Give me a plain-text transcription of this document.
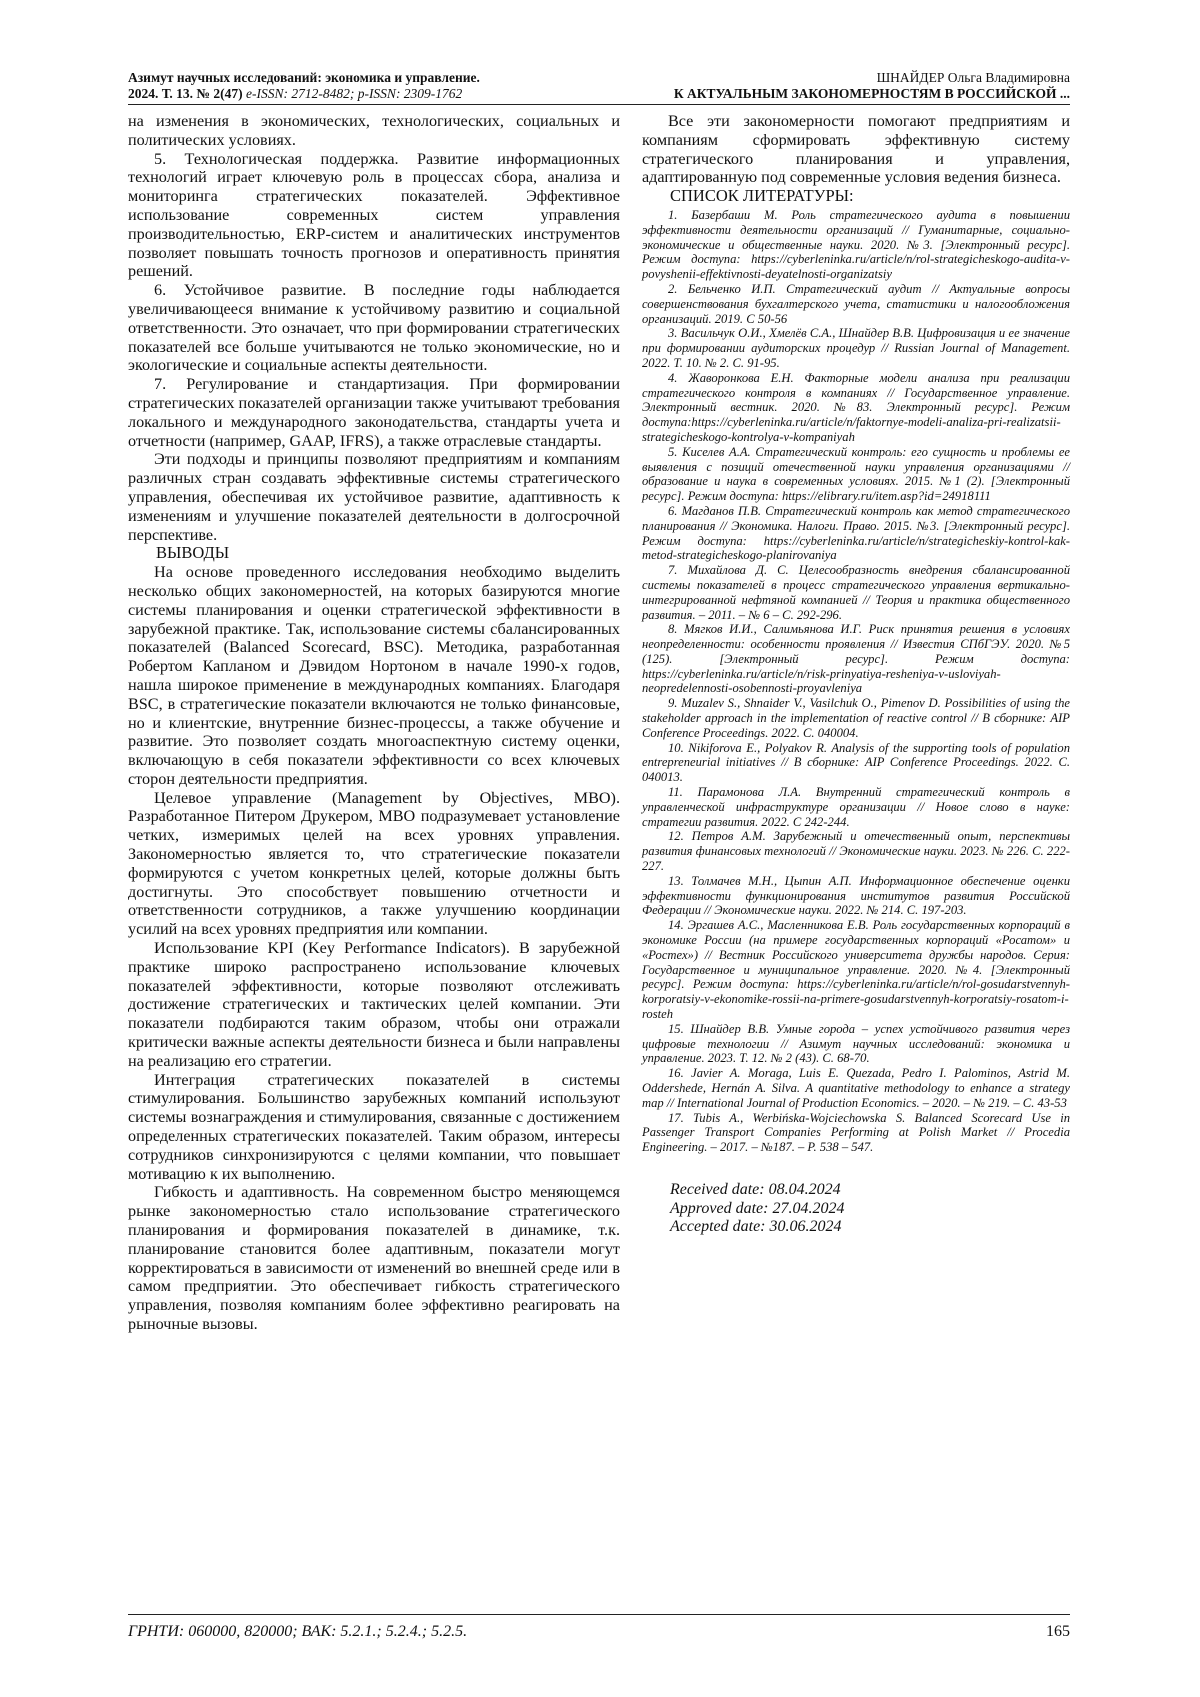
Азимут научных исследований: экономика и управление.
2024. Т. 13. № 2(47) e-ISSN: 2712-8482; p-ISSN: 2309-1762
ШНАЙДЕР Ольга Владимировна
К АКТУАЛЬНЫМ ЗАКОНОМЕРНОСТЯМ В РОССИЙСКОЙ ...

на изменения в экономических, технологических, социальных и политических условиях.

5. Технологическая поддержка. Развитие информационных технологий играет ключевую роль в процессах сбора, анализа и мониторинга стратегических показателей. Эффективное использование современных систем управления производительностью, ERP-систем и аналитических инструментов позволяет повышать точность прогнозов и оперативность принятия решений.

6. Устойчивое развитие. В последние годы наблюдается увеличивающееся внимание к устойчивому развитию и социальной ответственности. Это означает, что при формировании стратегических показателей все больше учитываются не только экономические, но и экологические и социальные аспекты деятельности.

7. Регулирование и стандартизация. При формировании стратегических показателей организации также учитывают требования локального и международного законодательства, стандарты учета и отчетности (например, GAAP, IFRS), а также отраслевые стандарты.

Эти подходы и принципы позволяют предприятиям и компаниям различных стран создавать эффективные системы стратегического управления, обеспечивая их устойчивое развитие, адаптивность к изменениям и улучшение показателей деятельности в долгосрочной перспективе.

ВЫВОДЫ

На основе проведенного исследования необходимо выделить несколько общих закономерностей, на которых базируются многие системы планирования и оценки стратегической эффективности в зарубежной практике. Так, использование системы сбалансированных показателей (Balanced Scorecard, BSC). Методика, разработанная Робертом Капланом и Дэвидом Нортоном в начале 1990-х годов, нашла широкое применение в международных компаниях. Благодаря BSC, в стратегические показатели включаются не только финансовые, но и клиентские, внутренние бизнес-процессы, а также обучение и развитие. Это позволяет создать многоаспектную систему оценки, включающую в себя показатели эффективности со всех ключевых сторон деятельности предприятия.

Целевое управление (Management by Objectives, MBO). Разработанное Питером Друкером, MBO подразумевает установление четких, измеримых целей на всех уровнях управления. Закономерностью является то, что стратегические показатели формируются с учетом конкретных целей, которые должны быть достигнуты. Это способствует повышению отчетности и ответственности сотрудников, а также улучшению координации усилий на всех уровнях предприятия или компании.

Использование KPI (Key Performance Indicators). В зарубежной практике широко распространено использование ключевых показателей эффективности, которые позволяют отслеживать достижение стратегических и тактических целей компании. Эти показатели подбираются таким образом, чтобы они отражали критически важные аспекты деятельности бизнеса и были направлены на реализацию его стратегии.

Интеграция стратегических показателей в системы стимулирования. Большинство зарубежных компаний используют системы вознаграждения и стимулирования, связанные с достижением определенных стратегических показателей. Таким образом, интересы сотрудников синхронизируются с целями компании, что повышает мотивацию к их выполнению.

Гибкость и адаптивность. На современном быстро меняющемся рынке закономерностью стало использование стратегического планирования и формирования показателей в динамике, т.к. планирование становится более адаптивным, показатели могут корректироваться в зависимости от изменений во внешней среде или в самом предприятии. Это обеспечивает гибкость стратегического управления, позволяя компаниям более эффективно реагировать на рыночные вызовы.

Все эти закономерности помогают предприятиям и компаниям сформировать эффективную систему стратегического планирования и управления, адаптированную под современные условия ведения бизнеса.

СПИСОК ЛИТЕРАТУРЫ:

1. Базербаши М. Роль стратегического аудита в повышении эффективности деятельности организаций // Гуманитарные, социально-экономические и общественные науки. 2020. №3. [Электронный ресурс]. Режим доступа: https://cyberleninka.ru/article/n/rol-strategicheskogo-audita-v-povysheniі-effektivnosti-deyatelnosti-organizatsiy

2. Бельченко И.П. Стратегический аудит // Актуальные вопросы совершенствования бухгалтерского учета, статистики и налогообложения организаций. 2019. С 50-56

3. Васильчук О.И., Хмелёв С.А., Шнайдер В.В. Цифровизация и ее значение при формировании аудиторских процедур // Russian Journal of Management. 2022. Т. 10. № 2. С. 91-95.

4. Жаворонкова Е.Н. Факторные модели анализа при реализации стратегического контроля в компаниях // Государственное управление. Электронный вестник. 2020. №83. Электронный ресурс]. Режим доступа:https://cyberleninka.ru/article/n/faktornye-modeli-analiza-pri-realizatsii-strategicheskogo-kontrolya-v-kompaniyah

5. Киселев А.А. Стратегический контроль: его сущность и проблемы ее выявления с позиций отечественной науки управления организациями // образование и наука в современных условиях. 2015. №1 (2). [Электронный ресурс]. Режим доступа: https://elibrary.ru/item.asp?id=24918111

6. Магданов П.В. Стратегический контроль как метод стратегического планирования // Экономика. Налоги. Право. 2015. №3. [Электронный ресурс]. Режим доступа: https://cyberleninka.ru/article/n/strategicheskiy-kontrol-kak-metod-strategicheskogo-planirovaniya

7. Михайлова Д. С. Целесообразность внедрения сбалансированной системы показателей в процесс стратегического управления вертикально-интегрированной нефтяной компанией // Теория и практика общественного развития. – 2011. – № 6 – С. 292-296.

8. Мягков И.И., Салимьянова И.Г. Риск принятия решения в условиях неопределенности: особенности проявления // Известия СПбГЭУ. 2020. №5 (125). [Электронный ресурс]. Режим доступа: https://cyberleninka.ru/article/n/risk-prinyatiya-resheniya-v-usloviyah-neopredelennosti-osobennosti-proyavleniya

9. Muzalev S., Shnaider V., Vasilchuk O., Pimenov D. Possibilities of using the stakeholder approach in the implementation of reactive control // В сборнике: AIP Conference Proceedings. 2022. С. 040004.

10. Nikiforova E., Polyakov R. Analysis of the supporting tools of population entrepreneurial initiatives // В сборнике: AIP Conference Proceedings. 2022. С. 040013.

11. Парамонова Л.А. Внутренний стратегический контроль в управленческой инфраструктуре организации // Новое слово в науке: стратегии развития. 2022. С 242-244.

12. Петров А.М. Зарубежный и отечественный опыт, перспективы развития финансовых технологий // Экономические науки. 2023. № 226. С. 222-227.

13. Толмачев М.Н., Цыпин А.П. Информационное обеспечение оценки эффективности функционирования институтов развития Российской Федерации // Экономические науки. 2022. № 214. С. 197-203.

14. Эргашев А.С., Масленникова Е.В. Роль государственных корпораций в экономике России (на примере государственных корпораций «Росатом» и «Ростех») // Вестник Российского университета дружбы народов. Серия: Государственное и муниципальное управление. 2020. №4. [Электронный ресурс]. Режим доступа: https://cyberleninka.ru/article/n/rol-gosudarstvennyh-korporatsiy-v-ekonomike-rossii-na-primere-gosudarstvennyh-korporatsiy-rosatom-i-rosteh

15. Шнайдер В.В. Умные города – успех устойчивого развития через цифровые технологии // Азимут научных исследований: экономика и управление. 2023. Т. 12. № 2 (43). С. 68-70.

16. Javier A. Moraga, Luis E. Quezada, Pedro I. Palominos, Astrid M. Oddershede, Hernán A. Silva. A quantitative methodology to enhance a strategy map // International Journal of Production Economics. – 2020. – № 219. – С. 43-53

17. Tubis A., Werbińska-Wojciechowska S. Balanced Scorecard Use in Passenger Transport Companies Performing at Polish Market // Procedia Engineering. – 2017. – №187. – P. 538 – 547.

Received date: 08.04.2024
Approved date: 27.04.2024
Accepted date: 30.06.2024
ГРНТИ: 060000, 820000; ВАК: 5.2.1.; 5.2.4.; 5.2.5.	165
